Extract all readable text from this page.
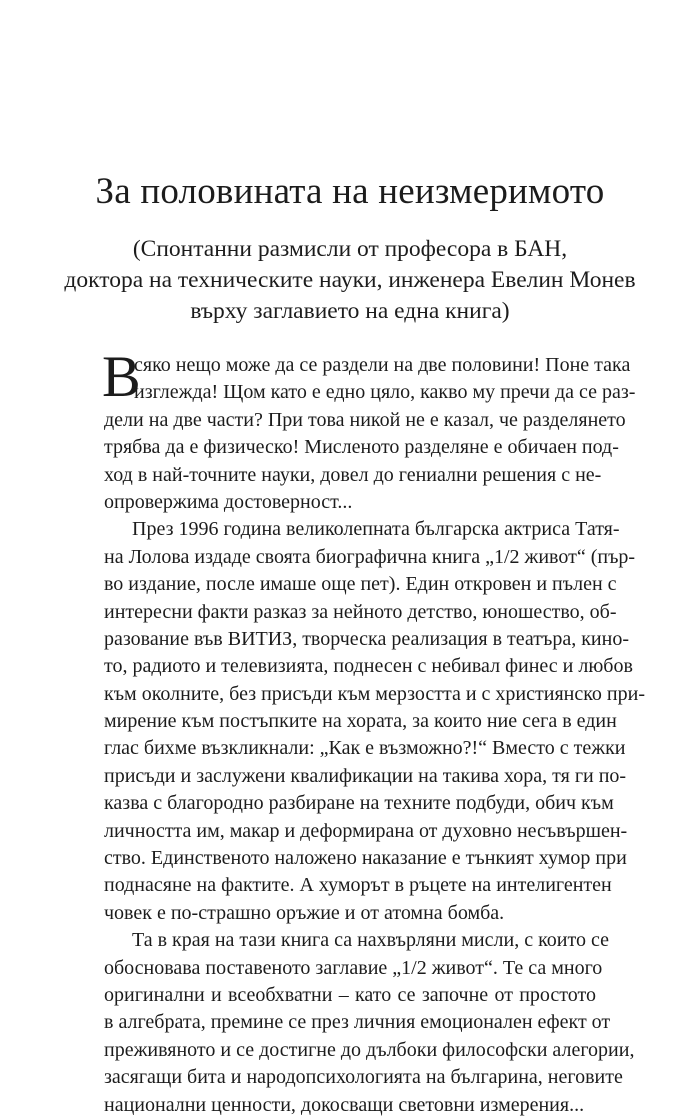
За половината на неизмеримото
(Спонтанни размисли от професора в БАН,
доктора на техническите науки, инженера Евелин Монев
върху заглавието на една книга)
В
сяко нещо може да се раздели на две половини! Поне така
изглежда! Щом като е едно цяло, какво му пречи да се раз-
дели на две части? При това никой не е казал, че разделянето
трябва да е физическо! Мисленото разделяне е обичаен под-
ход в най-точните науки, довел до гениални решения с не-
опровержима достоверност...
През 1996 година великолепната българска актриса Татя-
на Лолова издаде своята биографична книга „1/2 живот“ (пър-
во издание, после имаше още пет). Един откровен и пълен с
интересни факти разказ за нейното детство, юношество, об-
разование във ВИТИЗ, творческа реализация в театъра, кино-
то, радиото и телевизията, поднесен с небивал финес и любов
към околните, без присъди към мерзостта и с християнско при-
мирение към постъпките на хората, за които ние сега в един
глас бихме възкликнали: „Как е възможно?!“ Вместо с тежки
присъди и заслужени квалификации на такива хора, тя ги по-
казва с благородно разбиране на техните подбуди, обич към
личността им, макар и деформирана от духовно несъвършен-
ство. Единственото наложено наказание е тънкият хумор при
поднасяне на фактите. А хуморът в ръцете на интелигентен
човек е по-страшно оръжие и от атомна бомба.
Та в края на тази книга са нахвърляни мисли, с които се
обосновава поставеното заглавие „1/2 живот“. Те са много
оригинални и всеобхватни – като се започне от простото
в алгебрата, премине се през личния емоционален ефект от
преживяното и се достигне до дълбоки философски алегории,
засягащи бита и народопсихологията на българина, неговите
национални ценности, докосващи световни измерения...
